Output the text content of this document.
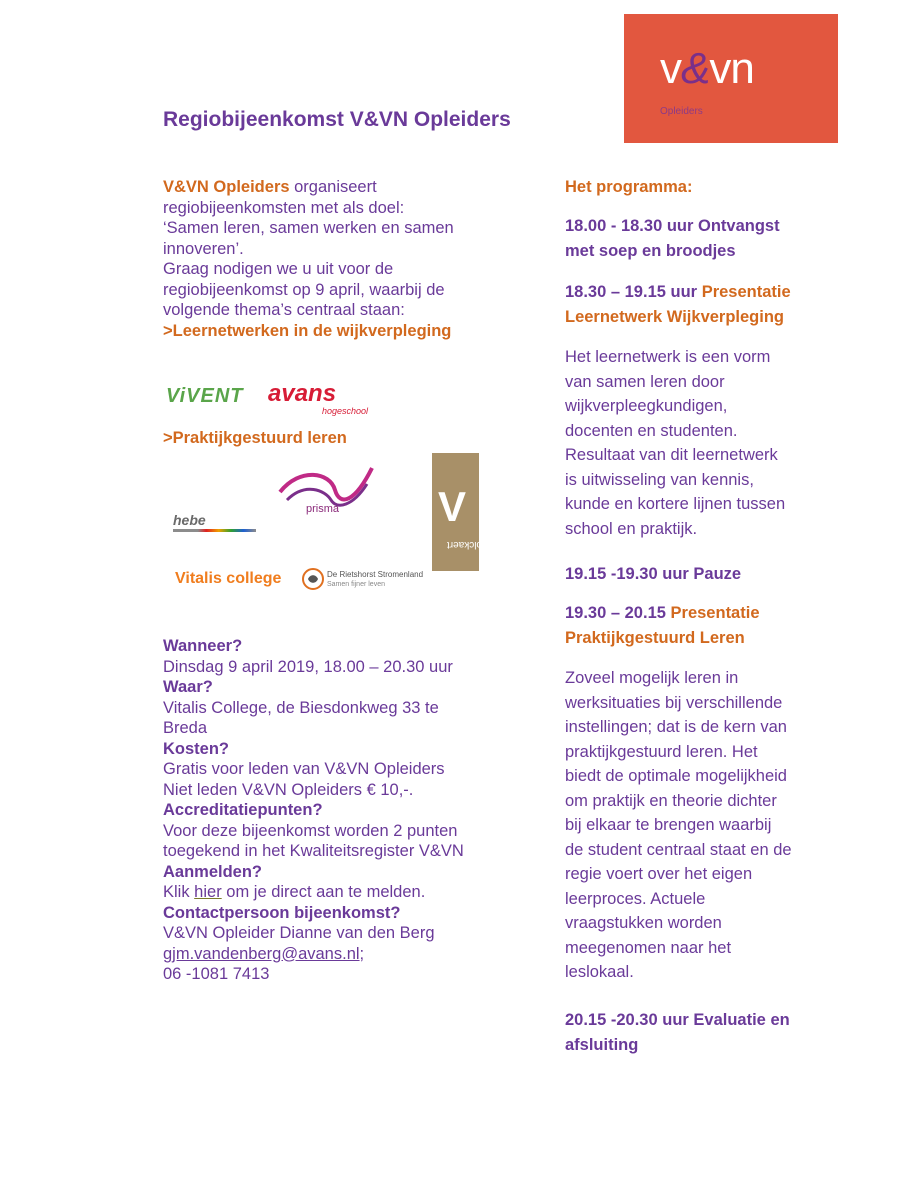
v&vn
Opleiders
Regiobijeenkomst V&VN Opleiders
V&VN Opleiders organiseert
regiobijeenkomsten met als doel:
‘Samen leren, samen werken en samen
innoveren’.
Graag nodigen we u uit voor de
regiobijeenkomst op 9 april, waarbij de
volgende thema’s centraal staan:
>Leernetwerken in de wijkverpleging
ViVENT avans
hogeschool
>Praktijkgestuurd leren
prisma V
volckaert
hebe
Vitalis college	De Rietshorst Stromenland
Samen fijner leven
Wanneer?
Dinsdag 9 april 2019, 18.00 – 20.30 uur
Waar?
Vitalis College, de Biesdonkweg 33 te
Breda
Kosten?
Gratis voor leden van V&VN Opleiders
Niet leden V&VN Opleiders € 10,-.
Accreditatiepunten?
Voor deze bijeenkomst worden 2 punten
toegekend in het Kwaliteitsregister V&VN
Aanmelden?
Klik hier om je direct aan te melden.
Contactpersoon bijeenkomst?
V&VN Opleider Dianne van den Berg
gjm.vandenberg@avans.nl;
06 -1081 7413
Het programma:
18.00 - 18.30 uur Ontvangst
met soep en broodjes
18.30 – 19.15 uur Presentatie
Leernetwerk Wijkverpleging
Het leernetwerk is een vorm
van samen leren door
wijkverpleegkundigen,
docenten en studenten.
Resultaat van dit leernetwerk
is uitwisseling van kennis,
kunde en kortere lijnen tussen
school en praktijk.
19.15 -19.30 uur Pauze
19.30 – 20.15 Presentatie
Praktijkgestuurd Leren
Zoveel mogelijk leren in
werksituaties bij verschillende
instellingen; dat is de kern van
praktijkgestuurd leren. Het
biedt de optimale mogelijkheid
om praktijk en theorie dichter
bij elkaar te brengen waarbij
de student centraal staat en de
regie voert over het eigen
leerproces. Actuele
vraagstukken worden
meegenomen naar het
leslokaal.
20.15 -20.30 uur Evaluatie en
afsluiting
